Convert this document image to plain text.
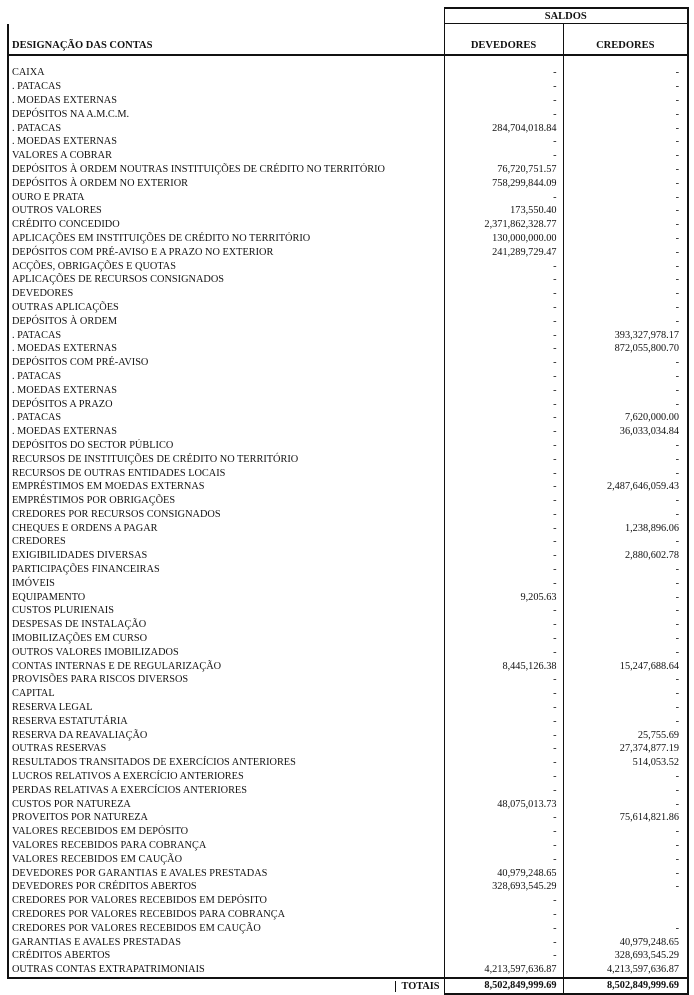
	SALDOS	
DESIGNAÇÃO DAS CONTAS	DEVEDORES	CREDORES

CAIXA	-	-
. PATACAS	-	-
. MOEDAS EXTERNAS	-	-
DEPÓSITOS NA A.M.C.M.	-	-
. PATACAS	284,704,018.84	-
. MOEDAS EXTERNAS	-	-
VALORES A COBRAR	-	-
DEPÓSITOS À ORDEM NOUTRAS INSTITUIÇÕES DE CRÉDITO NO TERRITÓRIO	76,720,751.57	-
DEPÓSITOS À ORDEM NO EXTERIOR	758,299,844.09	-
OURO E PRATA	-	-
OUTROS VALORES	173,550.40	-
CRÉDITO CONCEDIDO	2,371,862,328.77	-
APLICAÇÕES EM INSTITUIÇÕES DE CRÉDITO NO TERRITÓRIO	130,000,000.00	-
DEPÓSITOS COM PRÉ-AVISO E A PRAZO NO EXTERIOR	241,289,729.47	-
ACÇÕES, OBRIGAÇÕES E QUOTAS	-	-
APLICAÇÕES DE RECURSOS CONSIGNADOS	-	-
DEVEDORES	-	-
OUTRAS APLICAÇÕES	-	-
DEPÓSITOS À ORDEM	-	-
. PATACAS	-	393,327,978.17
. MOEDAS EXTERNAS	-	872,055,800.70
DEPÓSITOS COM PRÉ-AVISO	-	-
. PATACAS	-	-
. MOEDAS EXTERNAS	-	-
DEPÓSITOS A PRAZO	-	-
. PATACAS	-	7,620,000.00
. MOEDAS EXTERNAS	-	36,033,034.84
DEPÓSITOS DO SECTOR PÚBLICO	-	-
RECURSOS DE INSTITUIÇÕES DE CRÉDITO NO TERRITÓRIO	-	-
RECURSOS DE OUTRAS ENTIDADES LOCAIS	-	-
EMPRÉSTIMOS EM MOEDAS EXTERNAS	-	2,487,646,059.43
EMPRÉSTIMOS POR OBRIGAÇÕES	-	-
CREDORES POR RECURSOS CONSIGNADOS	-	-
CHEQUES E ORDENS A PAGAR	-	1,238,896.06
CREDORES	-	-
EXIGIBILIDADES DIVERSAS	-	2,880,602.78
PARTICIPAÇÕES FINANCEIRAS	-	-
IMÓVEIS	-	-
EQUIPAMENTO	9,205.63	-
CUSTOS PLURIENAIS	-	-
DESPESAS DE INSTALAÇÃO	-	-
IMOBILIZAÇÕES EM CURSO	-	-
OUTROS VALORES IMOBILIZADOS	-	-
CONTAS INTERNAS E DE REGULARIZAÇÃO	8,445,126.38	15,247,688.64
PROVISÕES PARA RISCOS DIVERSOS	-	-
CAPITAL	-	-
RESERVA LEGAL	-	-
RESERVA ESTATUTÁRIA	-	-
RESERVA DA REAVALIAÇÃO	-	25,755.69
OUTRAS RESERVAS	-	27,374,877.19
RESULTADOS TRANSITADOS DE EXERCÍCIOS ANTERIORES	-	514,053.52
LUCROS RELATIVOS A EXERCÍCIO ANTERIORES	-	-
PERDAS RELATIVAS A EXERCÍCIOS ANTERIORES	-	-
CUSTOS POR NATUREZA	48,075,013.73	-
PROVEITOS POR NATUREZA	-	75,614,821.86
VALORES RECEBIDOS EM DEPÓSITO	-	-
VALORES RECEBIDOS PARA COBRANÇA	-	-
VALORES RECEBIDOS EM CAUÇÃO	-	-
DEVEDORES POR GARANTIAS E AVALES PRESTADAS	40,979,248.65	-
DEVEDORES POR CRÉDITOS ABERTOS	328,693,545.29	-
CREDORES POR VALORES RECEBIDOS EM DEPÓSITO	-	
CREDORES POR VALORES RECEBIDOS PARA COBRANÇA	-	
CREDORES POR VALORES RECEBIDOS EM CAUÇÃO	-	-
GARANTIAS E AVALES PRESTADAS	-	40,979,248.65
CRÉDITOS ABERTOS	-	328,693,545.29
OUTRAS CONTAS EXTRAPATRIMONIAIS	4,213,597,636.87	4,213,597,636.87
TOTAIS	8,502,849,999.69	8,502,849,999.69
